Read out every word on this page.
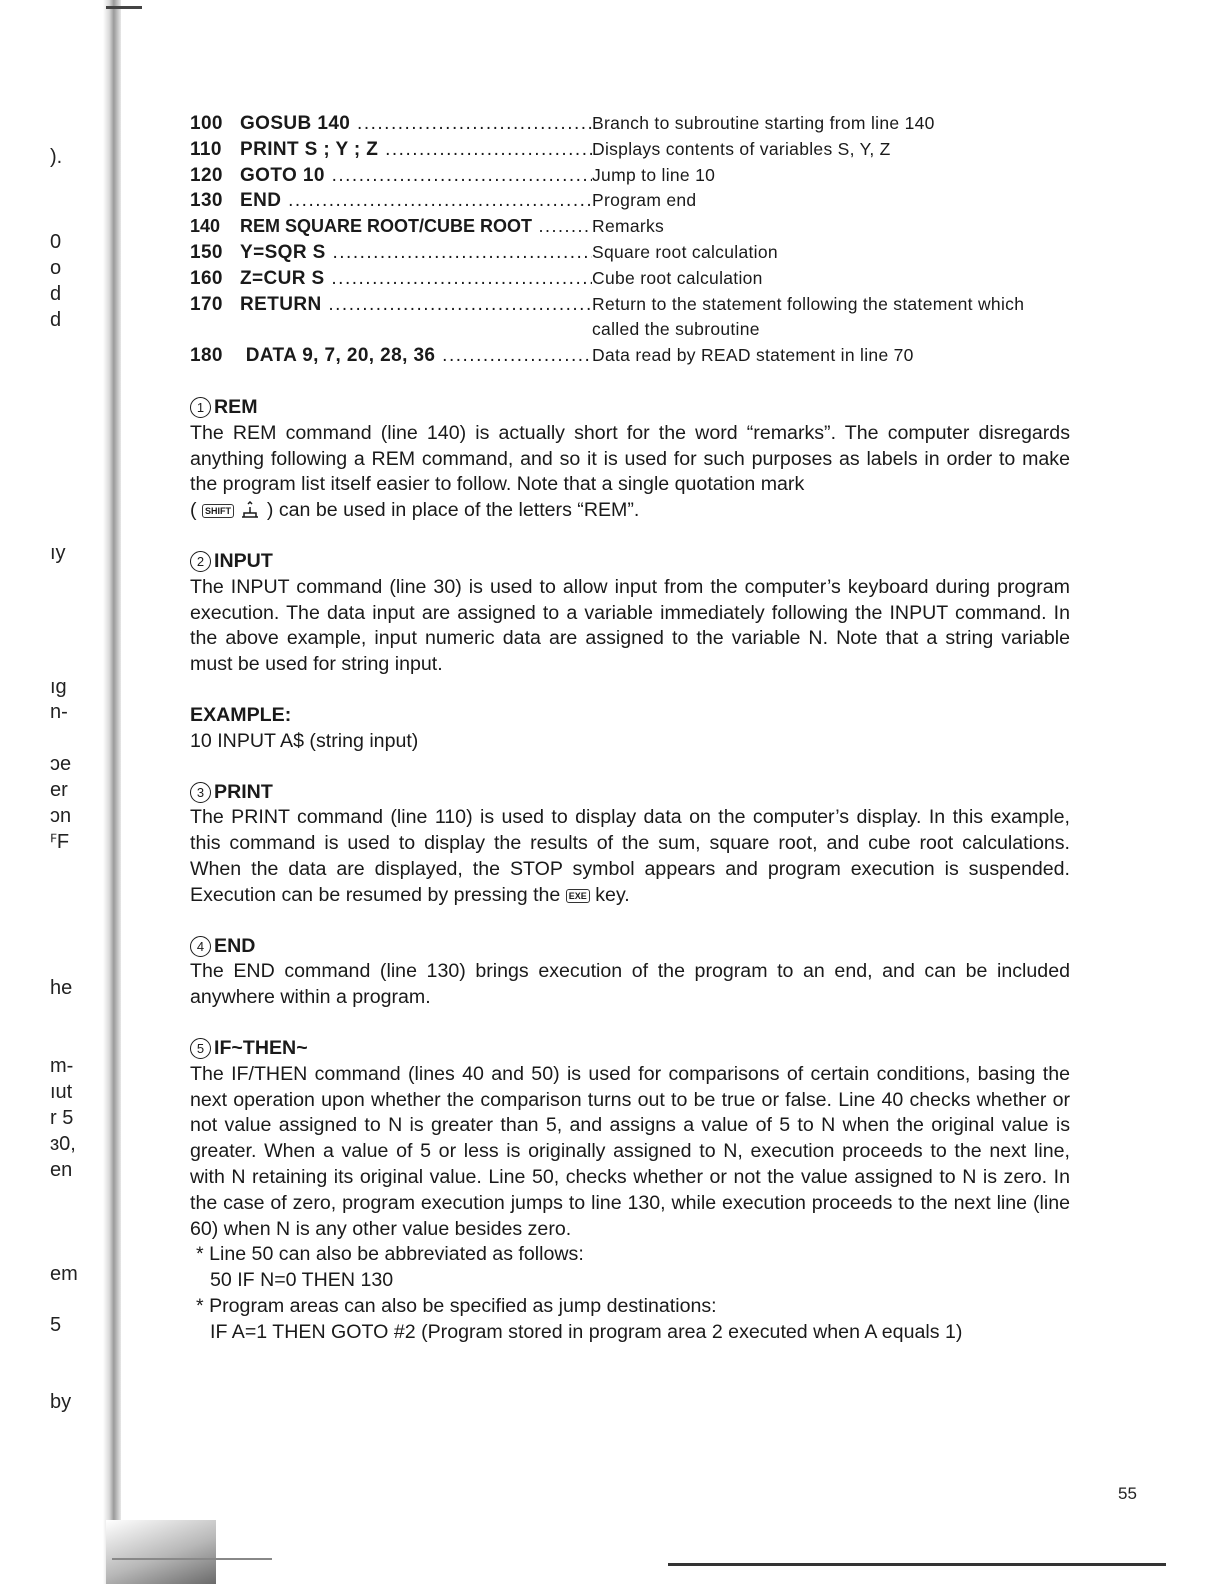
).
0
o
d
d
ıy
ıg
n-
ɔe
er
ɔn
ꟳF
he
m-
ıut
r 5
ɜ0,
en
em
5
by
100 GOSUB 140 .....	Branch to subroutine starting from line 140
110 PRINT S ; Y ; Z .....	Displays contents of variables S, Y, Z
120 GOTO 10 .....	Jump to line 10
130 END .....	Program end
140 REM SQUARE ROOT/CUBE ROOT .....	Remarks
150 Y=SQR S .....	Square root calculation
160 Z=CUR S .....	Cube root calculation
170 RETURN .....	Return to the statement following the statement which
called the subroutine
180 DATA 9, 7, 20, 28, 36 .....	Data read by READ statement in line 70
1 REM
The REM command (line 140) is actually short for the word “remarks”. The computer disregards anything following a REM command, and so it is used for such purposes as labels in order to make the program list itself easier to follow. Note that a single quotation mark
( SHIFT ) can be used in place of the letters “REM”.
2 INPUT
The INPUT command (line 30) is used to allow input from the computer’s keyboard during program execution. The data input are assigned to a variable immediately following the INPUT command. In the above example, input numeric data are assigned to the variable N. Note that a string variable must be used for string input.
EXAMPLE:
10 INPUT A$ (string input)
3 PRINT
The PRINT command (line 110) is used to display data on the computer’s display. In this example, this command is used to display the results of the sum, square root, and cube root calculations. When the data are displayed, the STOP symbol appears and program execution is suspended. Execution can be resumed by pressing the EXE key.
4 END
The END command (line 130) brings execution of the program to an end, and can be included anywhere within a program.
5 IF~THEN~
The IF/THEN command (lines 40 and 50) is used for comparisons of certain conditions, basing the next operation upon whether the comparison turns out to be true or false. Line 40 checks whether or not value assigned to N is greater than 5, and assigns a value of 5 to N when the original value is greater. When a value of 5 or less is originally assigned to N, execution proceeds to the next line, with N retaining its original value. Line 50, checks whether or not the value assigned to N is zero. In the case of zero, program execution jumps to line 130, while execution proceeds to the next line (line 60) when N is any other value besides zero.
* Line 50 can also be abbreviated as follows:
50 IF N=0 THEN 130
* Program areas can also be specified as jump destinations:
IF A=1 THEN GOTO #2 (Program stored in program area 2 executed when A equals 1)
55
